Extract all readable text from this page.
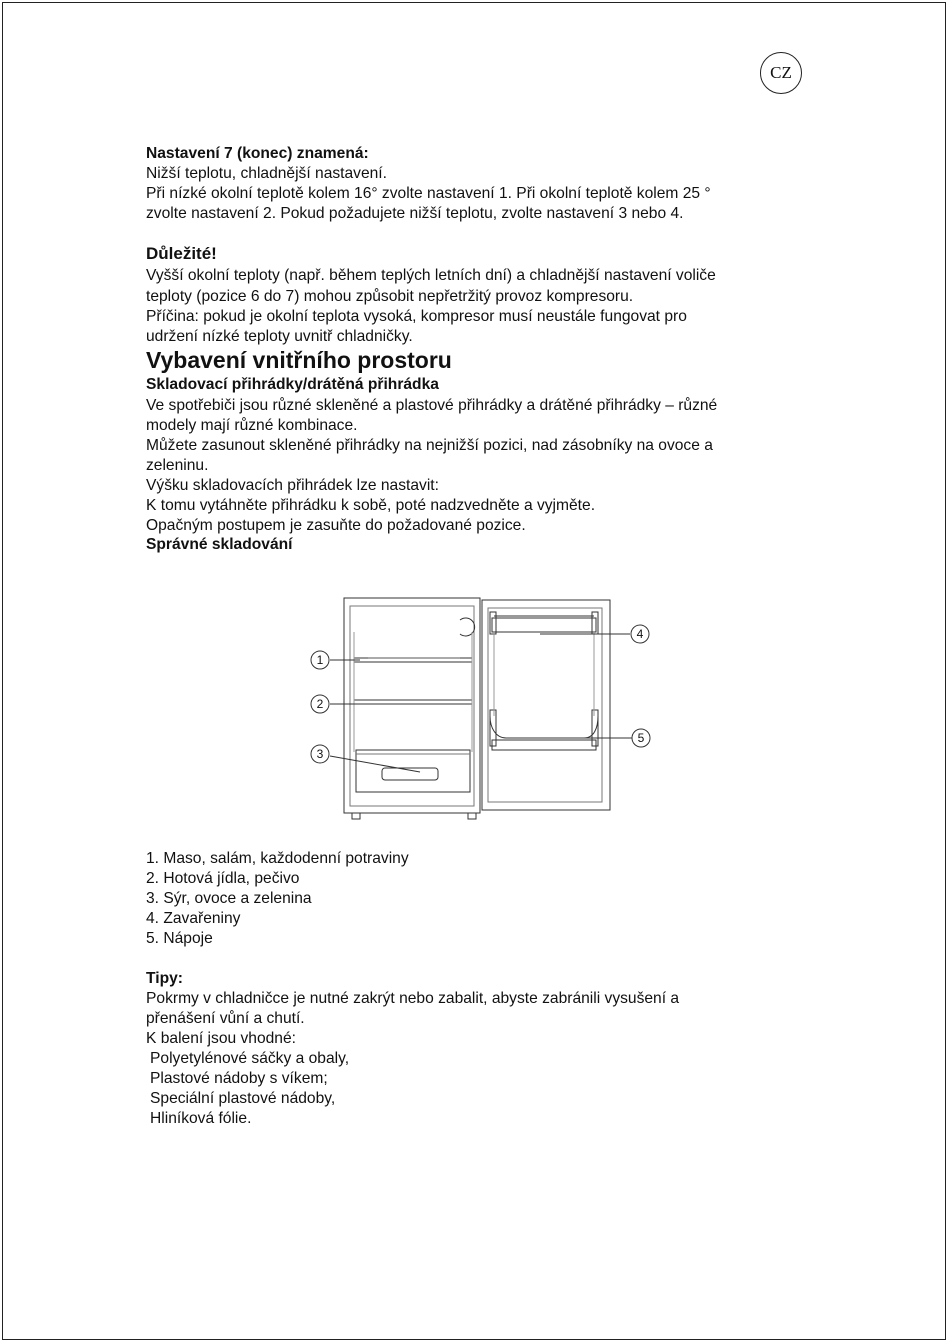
CZ

Nastavení 7 (konec) znamená:

Nižší teplotu, chladnější nastavení.

Při nízké okolní teplotě kolem 16° zvolte nastavení 1. Při okolní teplotě kolem 25 °

zvolte nastavení 2. Pokud požadujete nižší teplotu, zvolte nastavení 3 nebo 4.

Důležité!

Vyšší okolní teploty (např. během teplých letních dní) a chladnější nastavení voliče

teploty (pozice 6 do 7) mohou způsobit nepřetržitý provoz kompresoru.

Příčina: pokud je okolní teplota vysoká, kompresor musí neustále fungovat pro

udržení nízké teploty uvnitř chladničky.

Vybavení vnitřního prostoru

Skladovací přihrádky/drátěná přihrádka

Ve spotřebiči jsou různé skleněné a plastové přihrádky a drátěné přihrádky – různé

modely mají různé kombinace.

Můžete zasunout skleněné přihrádky na nejnižší pozici, nad zásobníky na ovoce a

zeleninu.

Výšku skladovacích přihrádek lze nastavit:

K tomu vytáhněte přihrádku k sobě, poté nadzvedněte a vyjměte.

Opačným postupem je zasuňte do požadované pozice.

Správné skladování

1
2
3
4
5

1. Maso, salám, každodenní potraviny

2. Hotová jídla, pečivo

3. Sýr, ovoce a zelenina

4. Zavařeniny

5. Nápoje

Tipy:

Pokrmy v chladničce je nutné zakrýt nebo zabalit, abyste zabránili vysušení a

přenášení vůní a chutí.

K balení jsou vhodné:

Polyetylénové sáčky a obaly,

Plastové nádoby s víkem;

Speciální plastové nádoby,

Hliníková fólie.
